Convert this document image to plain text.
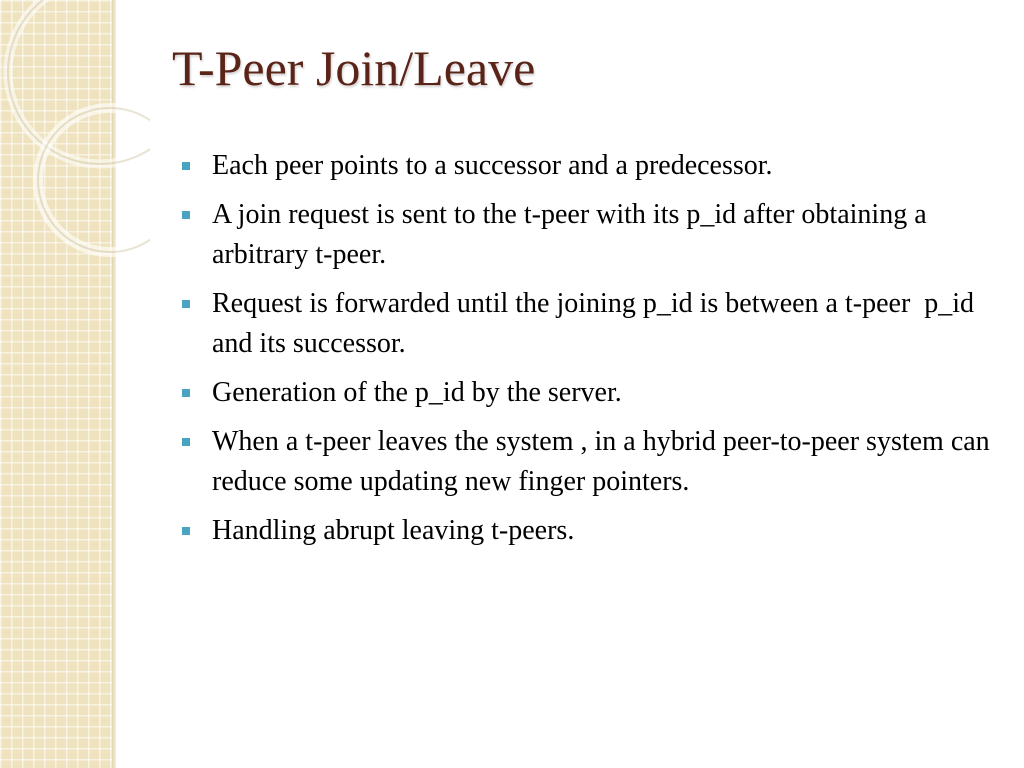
T-Peer Join/Leave
Each peer points to a successor and a predecessor.
A join request is sent to the t-peer with its p_id after obtaining a arbitrary t-peer.
Request is forwarded until the joining p_id is between a t-peer  p_id and its successor.
Generation of the p_id by the server.
When a t-peer leaves the system , in a hybrid peer-to-peer system can reduce some updating new finger pointers.
Handling abrupt leaving t-peers.
